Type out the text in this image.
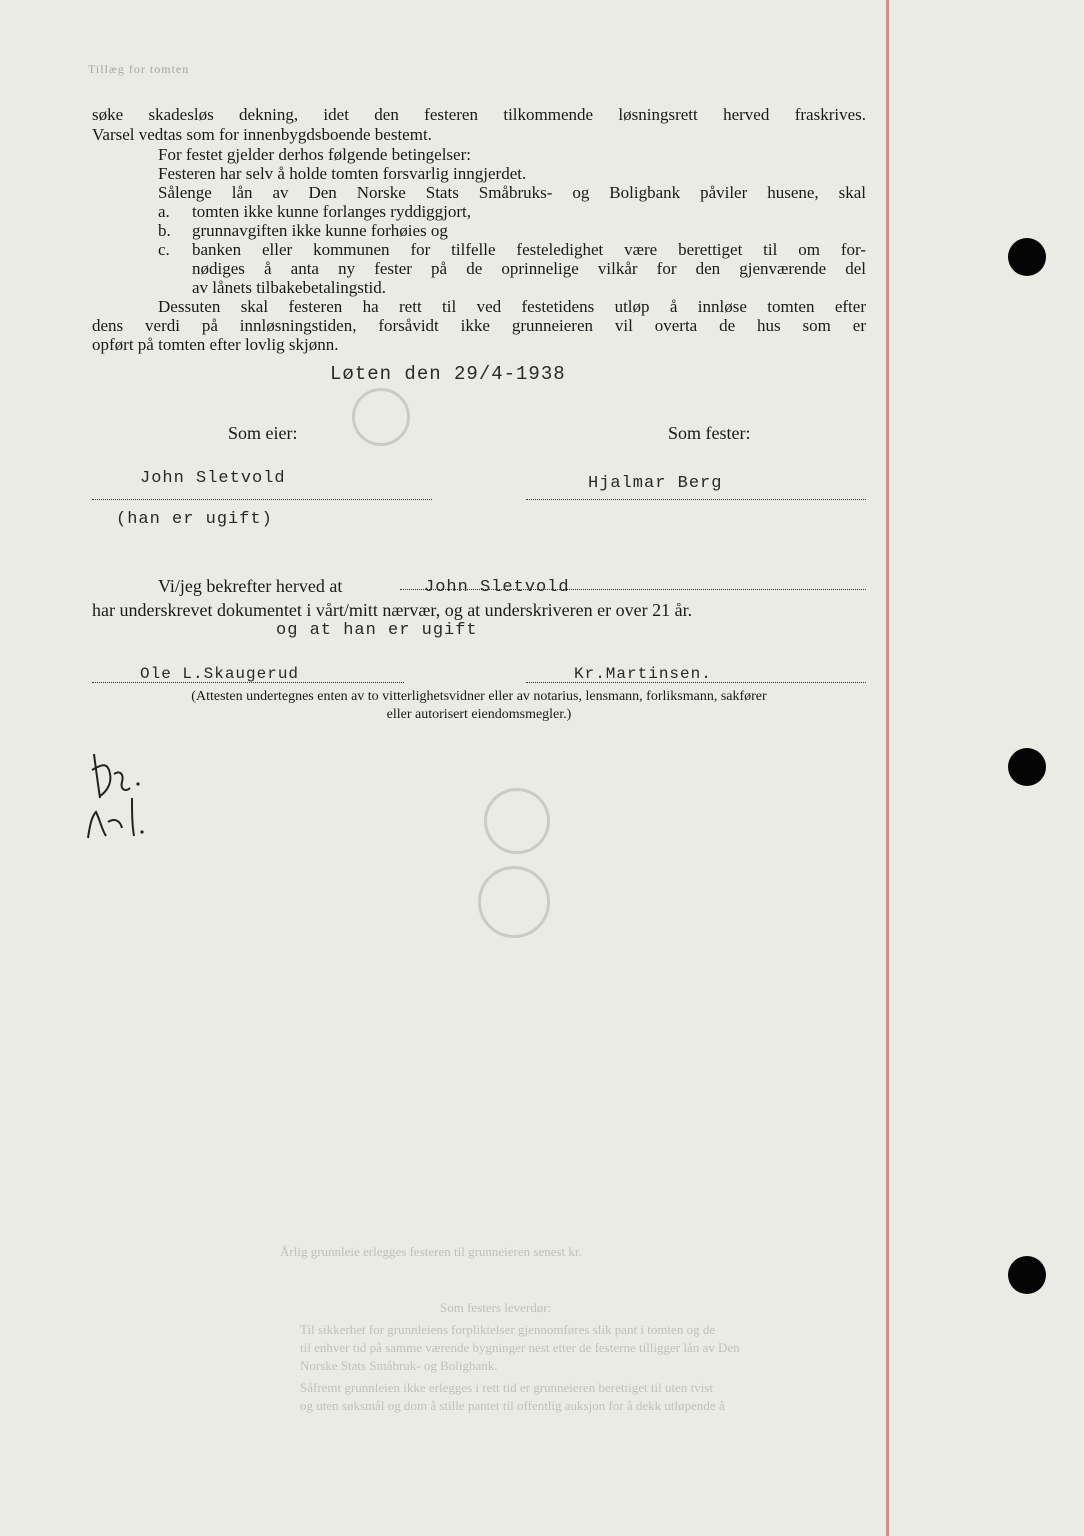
Tillæg for tomten
Årlig grunnleie erlegges festeren til grunneieren senest kr.
Som festers leverdør:
Til sikkerhet for grunnleiens forpliktelser gjennomføres slik pant i tomten og de
til enhver tid på samme værende bygninger nest etter de festerne tilligger lån av Den
Norske Stats Småbruk- og Boligbank.
Såfremt grunnleien ikke erlegges i rett tid er grunneieren berettiget til uten tvist
og uten søksmål og dom å stille pantet til offentlig auksjon for å dekk utløpende å
søke skadesløs dekning, idet den festeren tilkommende løsningsrett herved fraskrives.
Varsel vedtas som for innenbygdsboende bestemt.
For festet gjelder derhos følgende betingelser:
Festeren har selv å holde tomten forsvarlig inngjerdet.
Sålenge lån av Den Norske Stats Småbruks- og Boligbank påviler husene, skal
a. tomten ikke kunne forlanges ryddiggjort,
b. grunnavgiften ikke kunne forhøies og
c. banken eller kommunen for tilfelle festeledighet være berettiget til om for-
nødiges å anta ny fester på de oprinnelige vilkår for den gjenværende del
av lånets tilbakebetalingstid.
Dessuten skal festeren ha rett til ved festetidens utløp å innløse tomten efter
dens verdi på innløsningstiden, forsåvidt ikke grunneieren vil overta de hus som er
opført på tomten efter lovlig skjønn.
Løten den 29/4-1938
Som eier:	Som fester:
John Sletvold	Hjalmar Berg
(han er ugift)
Vi/jeg bekrefter herved at	John Sletvold
har underskrevet dokumentet i vårt/mitt nærvær, og at underskriveren er over 21 år.
og at han er ugift
Ole L.Skaugerud	Kr.Martinsen.
(Attesten undertegnes enten av to vitterlighetsvidner eller av notarius, lensmann, forliksmann, sakfører
eller autorisert eiendomsmegler.)
